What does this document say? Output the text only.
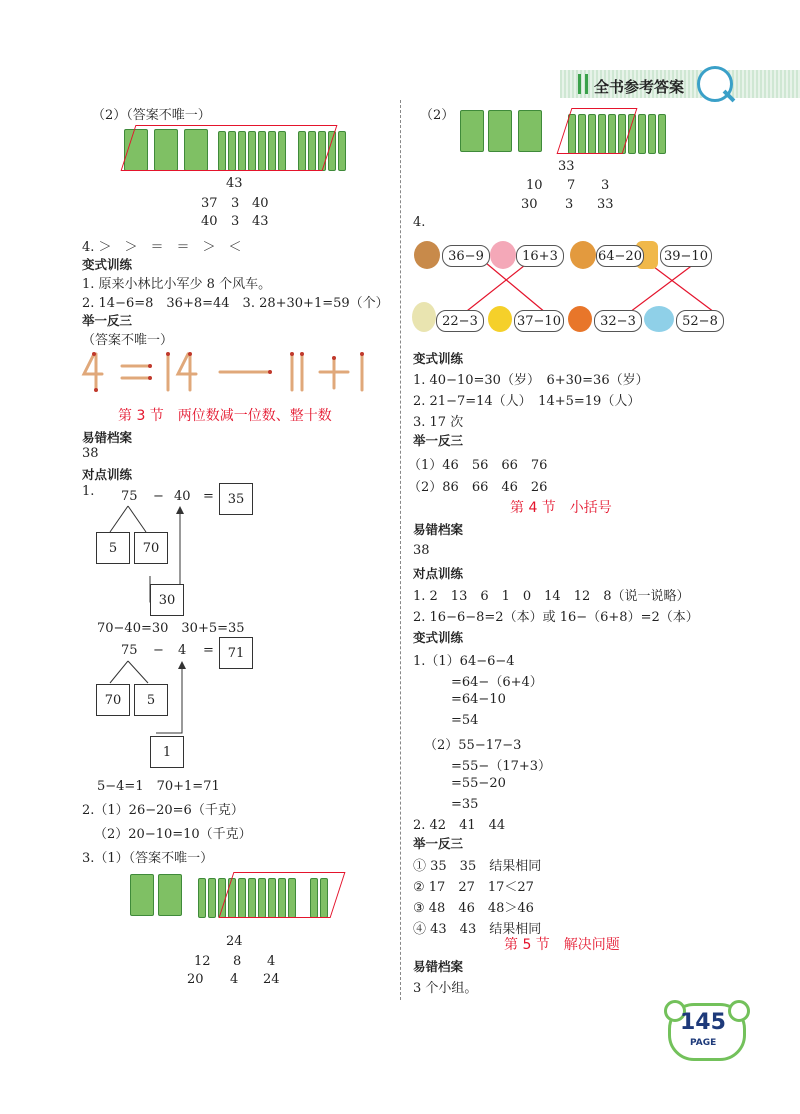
全书参考答案
（2）（答案不唯一）
43
37 3 40
40 3 43
4. ＞　＞　＝　＝　＞　＜
变式训练
1. 原来小林比小军少 8 个风车。
2. 14−6=8　36+8=44　3. 28+30+1=59（个）
举一反三
（答案不唯一）
第 3 节　两位数减一位数、整十数
易错档案
38
对点训练
1. 75 − 40 =	35
5	70
30
70−40=30　30+5=35
75 − 4 =	71
70	5
1
5−4=1　70+1=71
2.（1）26−20=6（千克）
（2）20−10=10（千克）
3.（1）（答案不唯一）
24
12 8 4
20 4 24
（2）
33
10 7 3
30 3 33
4.
36−9	16+3	64−20	39−10
22−3	37−10	32−3	52−8
变式训练
1. 40−10=30（岁）　6+30=36（岁）
2. 21−7=14（人）　14+5=19（人）
3. 17 次
举一反三
（1）46　56　66　76
（2）86　66　46　26
第 4 节　小括号
易错档案
38
对点训练
1. 2　13　6　1　0　14　12　8（说一说略）
2. 16−6−8=2（本）或 16−（6+8）=2（本）
变式训练
1.（1）64−6−4
=64−（6+4）
=64−10
=54
（2）55−17−3
=55−（17+3）
=55−20
=35
2. 42　41　44
举一反三
① 35　35　结果相同
② 17　27　17＜27
③ 48　46　48＞46
④ 43　43　结果相同
第 5 节　解决问题
易错档案
3 个小组。
145
PAGE
